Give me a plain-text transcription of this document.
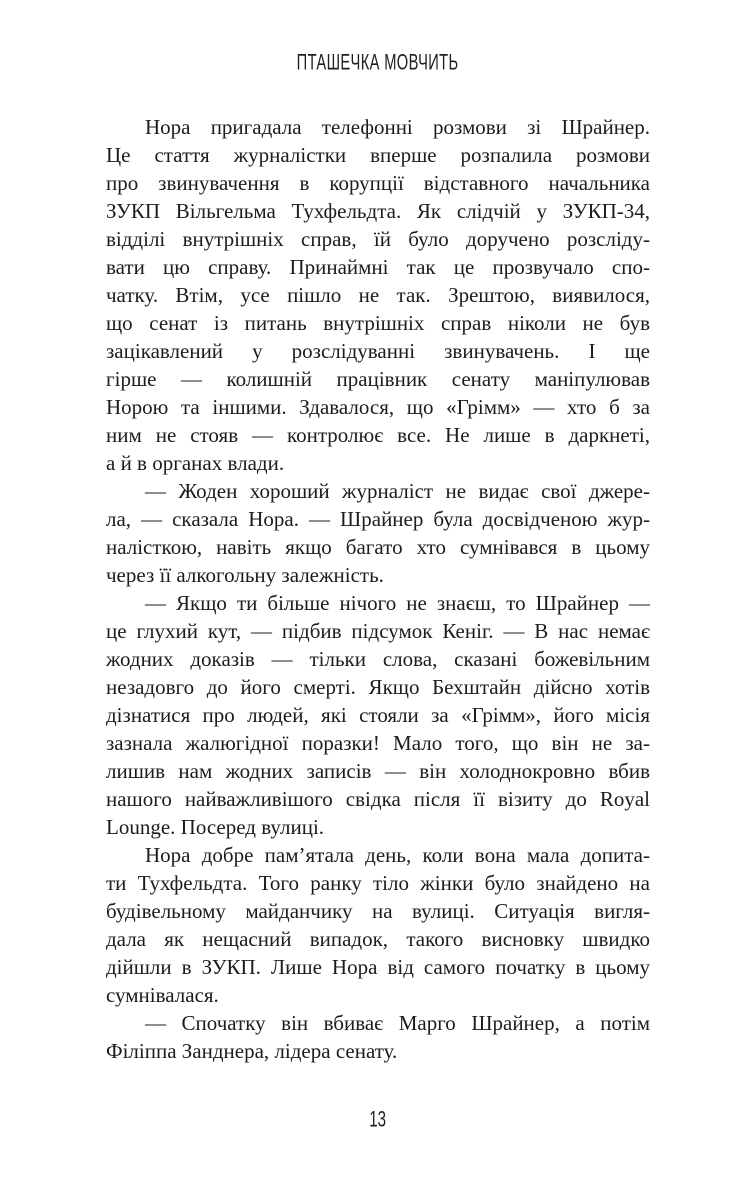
ПТАШЕЧКА МОВЧИТЬ
Нора пригадала телефонні розмови зі Шрайнер.
Це стаття журналістки вперше розпалила розмови
про звинувачення в корупції відставного начальника
ЗУКП Вільгельма Тухфельдта. Як слідчій у ЗУКП-34,
відділі внутрішніх справ, їй було доручено розсліду-
вати цю справу. Принаймні так це прозвучало спо-
чатку. Втім, усе пішло не так. Зрештою, виявилося,
що сенат із питань внутрішніх справ ніколи не був
зацікавлений у розслідуванні звинувачень. І ще
гірше — колишній працівник сенату маніпулював
Норою та іншими. Здавалося, що «Грімм» — хто б за
ним не стояв — контролює все. Не лише в даркнеті,
а й в органах влади.
— Жоден хороший журналіст не видає свої джере-
ла, — сказала Нора. — Шрайнер була досвідченою жур-
налісткою, навіть якщо багато хто сумнівався в цьому
через її алкогольну залежність.
— Якщо ти більше нічого не знаєш, то Шрайнер —
це глухий кут, — підбив підсумок Кеніг. — В нас немає
жодних доказів — тільки слова, сказані божевільним
незадовго до його смерті. Якщо Бехштайн дійсно хотів
дізнатися про людей, які стояли за «Грімм», його місія
зазнала жалюгідної поразки! Мало того, що він не за-
лишив нам жодних записів — він холоднокровно вбив
нашого найважливішого свідка після її візиту до Royal
Lounge. Посеред вулиці.
Нора добре пам’ятала день, коли вона мала допита-
ти Тухфельдта. Того ранку тіло жінки було знайдено на
будівельному майданчику на вулиці. Ситуація вигля-
дала як нещасний випадок, такого висновку швидко
дійшли в ЗУКП. Лише Нора від самого початку в цьому
сумнівалася.
— Спочатку він вбиває Марго Шрайнер, а потім
Філіппа Занднера, лідера сенату.
13
